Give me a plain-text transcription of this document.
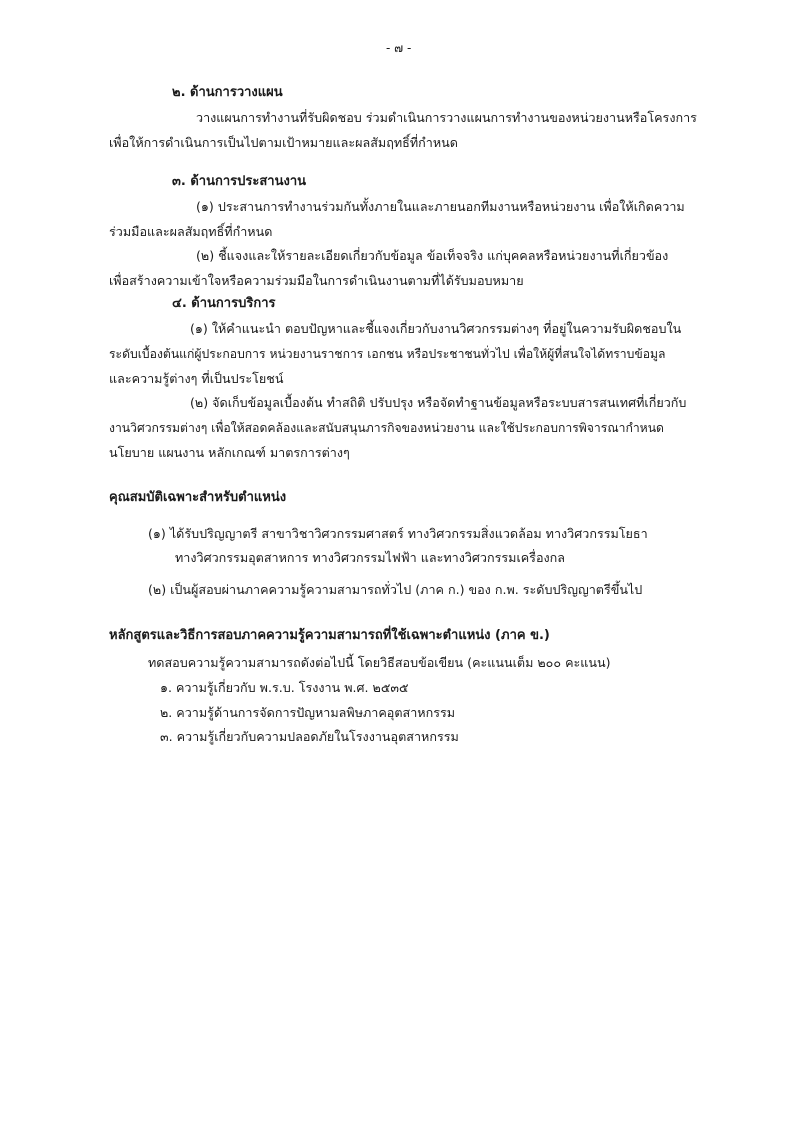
- ๗ -
๒. ด้านการวางแผน
วางแผนการทำงานที่รับผิดชอบ ร่วมดำเนินการวางแผนการทำงานของหน่วยงานหรือโครงการ
เพื่อให้การดำเนินการเป็นไปตามเป้าหมายและผลสัมฤทธิ์ที่กำหนด
๓. ด้านการประสานงาน
(๑) ประสานการทำงานร่วมกันทั้งภายในและภายนอกทีมงานหรือหน่วยงาน เพื่อให้เกิดความ
ร่วมมือและผลสัมฤทธิ์ที่กำหนด
(๒) ชี้แจงและให้รายละเอียดเกี่ยวกับข้อมูล ข้อเท็จจริง แก่บุคคลหรือหน่วยงานที่เกี่ยวข้อง
เพื่อสร้างความเข้าใจหรือความร่วมมือในการดำเนินงานตามที่ได้รับมอบหมาย
๔. ด้านการบริการ
(๑) ให้คำแนะนำ ตอบปัญหาและชี้แจงเกี่ยวกับงานวิศวกรรมต่างๆ ที่อยู่ในความรับผิดชอบใน
ระดับเบื้องต้นแก่ผู้ประกอบการ หน่วยงานราชการ เอกชน หรือประชาชนทั่วไป เพื่อให้ผู้ที่สนใจได้ทราบข้อมูล
และความรู้ต่างๆ ที่เป็นประโยชน์
(๒) จัดเก็บข้อมูลเบื้องต้น ทำสถิติ ปรับปรุง หรือจัดทำฐานข้อมูลหรือระบบสารสนเทศที่เกี่ยวกับ
งานวิศวกรรมต่างๆ เพื่อให้สอดคล้องและสนับสนุนภารกิจของหน่วยงาน และใช้ประกอบการพิจารณากำหนด
นโยบาย แผนงาน หลักเกณฑ์ มาตรการต่างๆ
คุณสมบัติเฉพาะสำหรับตำแหน่ง
(๑) ได้รับปริญญาตรี สาขาวิชาวิศวกรรมศาสตร์ ทางวิศวกรรมสิ่งแวดล้อม ทางวิศวกรรมโยธา
ทางวิศวกรรมอุตสาหการ ทางวิศวกรรมไฟฟ้า และทางวิศวกรรมเครื่องกล
(๒) เป็นผู้สอบผ่านภาคความรู้ความสามารถทั่วไป (ภาค ก.) ของ ก.พ. ระดับปริญญาตรีขึ้นไป
หลักสูตรและวิธีการสอบภาคความรู้ความสามารถที่ใช้เฉพาะตำแหน่ง (ภาค ข.)
ทดสอบความรู้ความสามารถดังต่อไปนี้ โดยวิธีสอบข้อเขียน (คะแนนเต็ม ๒๐๐ คะแนน)
๑. ความรู้เกี่ยวกับ พ.ร.บ. โรงงาน พ.ศ. ๒๕๓๕
๒. ความรู้ด้านการจัดการปัญหามลพิษภาคอุตสาหกรรม
๓. ความรู้เกี่ยวกับความปลอดภัยในโรงงานอุตสาหกรรม
